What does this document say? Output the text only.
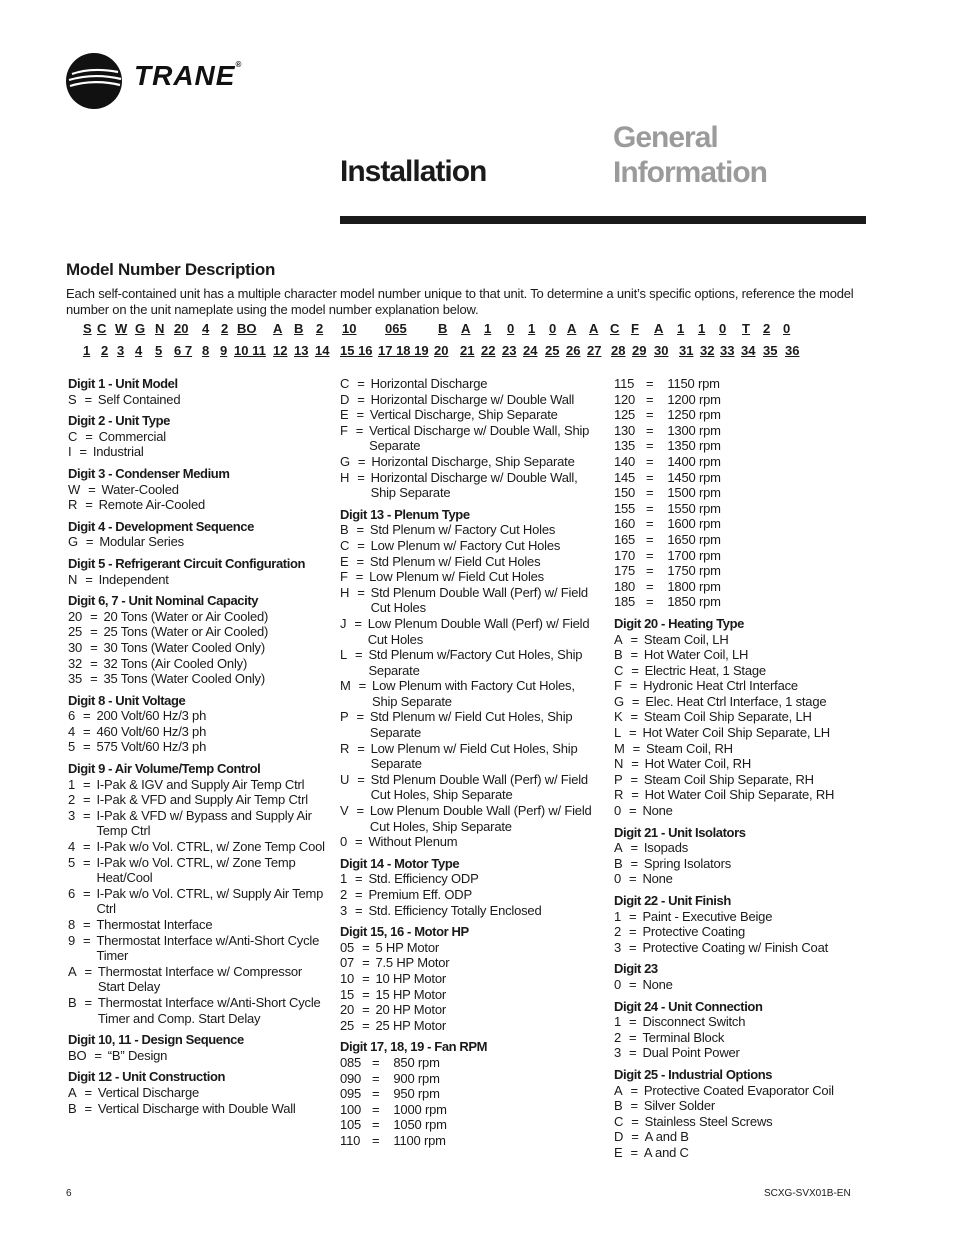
TRANE®
Installation
General
Information
Model Number Description
Each self-contained unit has a multiple character model number unique to that unit. To determine a unit’s specific options, reference the model number on the unit nameplate using the model number explanation below.
S C W G N 20 4 2 BO A B 2 10 065 B A 1 0 1 0 A A C F A 1 1 0 T 2 0
1 2 3 4 5 6 7 8 9 10 11 12 13 14 15 16 17 18 19 20 21 22 23 24 25 26 27 28 29 30 31 32 33 34 35 36
Digit 1 - Unit Model
S = Self Contained
Digit 2 - Unit Type
C = Commercial
I = Industrial
Digit 3 - Condenser Medium
W = Water-Cooled
R = Remote Air-Cooled
Digit 4 - Development Sequence
G = Modular Series
Digit 5 - Refrigerant Circuit Configuration
N = Independent
Digit 6, 7 - Unit Nominal Capacity
20 = 20 Tons (Water or Air Cooled)
25 = 25 Tons (Water or Air Cooled)
30 = 30 Tons (Water Cooled Only)
32 = 32 Tons (Air Cooled Only)
35 = 35 Tons (Water Cooled Only)
Digit 8 - Unit Voltage
6 = 200 Volt/60 Hz/3 ph
4 = 460 Volt/60 Hz/3 ph
5 = 575 Volt/60 Hz/3 ph
Digit 9 - Air Volume/Temp Control
1 = I-Pak & IGV and Supply Air Temp Ctrl
2 = I-Pak & VFD and Supply Air Temp Ctrl
3 = I-Pak & VFD w/ Bypass and Supply Air Temp Ctrl
4 = I-Pak w/o Vol. CTRL, w/ Zone Temp Cool
5 = I-Pak w/o Vol. CTRL, w/ Zone Temp Heat/Cool
6 = I-Pak w/o Vol. CTRL, w/ Supply Air Temp Ctrl
8 = Thermostat Interface
9 = Thermostat Interface w/Anti-Short Cycle Timer
A = Thermostat Interface w/ Compressor Start Delay
B = Thermostat Interface w/Anti-Short Cycle Timer and Comp. Start Delay
Digit 10, 11 - Design Sequence
BO = “B” Design
Digit 12 - Unit Construction
A = Vertical Discharge
B = Vertical Discharge with Double Wall
C = Horizontal Discharge
D = Horizontal Discharge w/ Double Wall
E = Vertical Discharge, Ship Separate
F = Vertical Discharge w/ Double Wall, Ship Separate
G = Horizontal Discharge, Ship Separate
H = Horizontal Discharge w/ Double Wall, Ship Separate
Digit 13 - Plenum Type
B = Std Plenum w/ Factory Cut Holes
C = Low Plenum w/ Factory Cut Holes
E = Std Plenum w/ Field Cut Holes
F = Low Plenum w/ Field Cut Holes
H = Std Plenum Double Wall (Perf) w/ Field Cut Holes
J = Low Plenum Double Wall (Perf) w/ Field Cut Holes
L = Std Plenum w/Factory Cut Holes, Ship Separate
M = Low Plenum with Factory Cut Holes, Ship Separate
P = Std Plenum w/ Field Cut Holes, Ship Separate
R = Low Plenum w/ Field Cut Holes, Ship Separate
U = Std Plenum Double Wall (Perf) w/ Field Cut Holes, Ship Separate
V = Low Plenum Double Wall (Perf) w/ Field Cut Holes, Ship Separate
0 = Without Plenum
Digit 14 - Motor Type
1 = Std. Efficiency ODP
2 = Premium Eff. ODP
3 = Std. Efficiency Totally Enclosed
Digit 15, 16 - Motor HP
05 = 5 HP Motor
07 = 7.5 HP Motor
10 = 10 HP Motor
15 = 15 HP Motor
20 = 20 HP Motor
25 = 25 HP Motor
Digit 17, 18, 19 - Fan RPM
085 =	850 rpm
090 =	900 rpm
095 =	950 rpm
100 =	1000 rpm
105 =	1050 rpm
110 =	1100 rpm
115 =	1150 rpm
120 =	1200 rpm
125 =	1250 rpm
130 =	1300 rpm
135 =	1350 rpm
140 =	1400 rpm
145 =	1450 rpm
150 =	1500 rpm
155 =	1550 rpm
160 =	1600 rpm
165 =	1650 rpm
170 =	1700 rpm
175 =	1750 rpm
180 =	1800 rpm
185 =	1850 rpm
Digit 20 - Heating Type
A = Steam Coil, LH
B = Hot Water Coil, LH
C = Electric Heat, 1 Stage
F = Hydronic Heat Ctrl Interface
G = Elec. Heat Ctrl Interface, 1 stage
K = Steam Coil Ship Separate, LH
L = Hot Water Coil Ship Separate, LH
M = Steam Coil, RH
N = Hot Water Coil, RH
P = Steam Coil Ship Separate, RH
R = Hot Water Coil Ship Separate, RH
0 = None
Digit 21 - Unit Isolators
A = Isopads
B = Spring Isolators
0 = None
Digit 22 - Unit Finish
1 = Paint - Executive Beige
2 = Protective Coating
3 = Protective Coating w/ Finish Coat
Digit 23
0 = None
Digit 24 - Unit Connection
1 = Disconnect Switch
2 = Terminal Block
3 = Dual Point Power
Digit 25 - Industrial Options
A = Protective Coated Evaporator Coil
B = Silver Solder
C = Stainless Steel Screws
D = A and B
E = A and C
6	SCXG-SVX01B-EN
